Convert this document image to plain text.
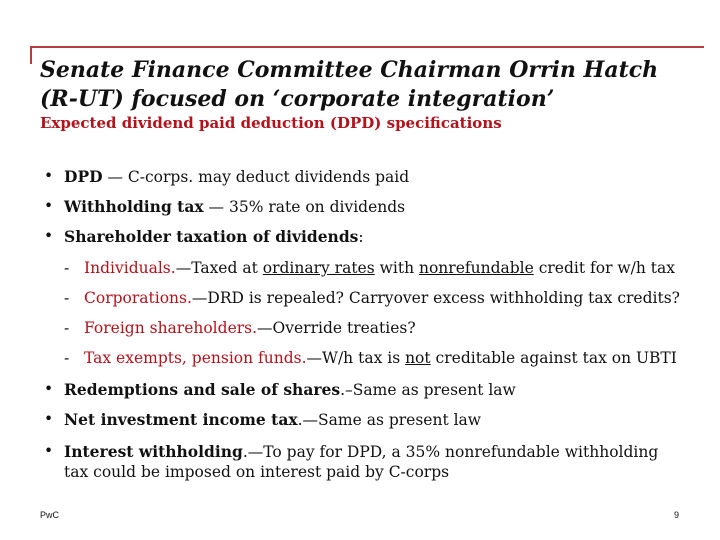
Senate Finance Committee Chairman Orrin Hatch
(R-UT) focused on ‘corporate integration’
Expected dividend paid deduction (DPD) specifications
• DPD — C-corps. may deduct dividends paid
• Withholding tax — 35% rate on dividends
• Shareholder taxation of dividends:
- Individuals.—Taxed at ordinary rates with nonrefundable credit for w/h tax
- Corporations.—DRD is repealed? Carryover excess withholding tax credits?
- Foreign shareholders.—Override treaties?
- Tax exempts, pension funds.—W/h tax is not creditable against tax on UBTI
• Redemptions and sale of shares.–Same as present law
• Net investment income tax.—Same as present law
• Interest withholding.—To pay for DPD, a 35% nonrefundable withholding
tax could be imposed on interest paid by C-corps
PwC	9
